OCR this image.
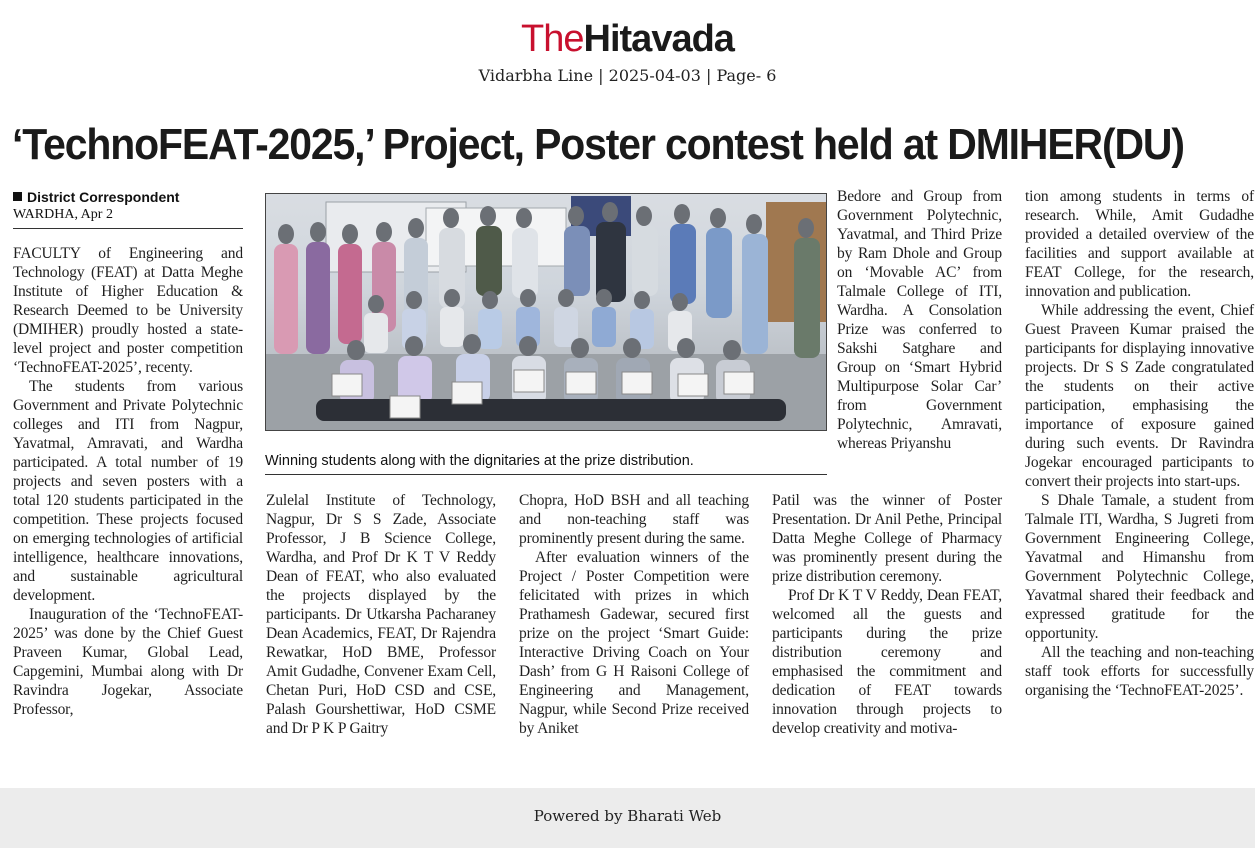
TheHitavada
Vidarbha Line | 2025-04-03 | Page- 6
‘TechnoFEAT-2025,’ Project, Poster contest held at DMIHER(DU)
District Correspondent
WARDHA, Apr 2

FACULTY of Engineering and Technology (FEAT) at Datta Meghe Institute of Higher Education & Research Deemed to be University (DMIHER) proudly hosted a state-level project and poster competition ‘TechnoFEAT-2025’, recenty.

The students from various Government and Private Polytechnic colleges and ITI from Nagpur, Yavatmal, Amravati, and Wardha participated. A total number of 19 projects and seven posters with a total 120 students participated in the competition. These projects focused on emerging technologies of artificial intelligence, healthcare innovations, and sustainable agricultural development.

Inauguration of the ‘TechnoFEAT-2025’ was done by the Chief Guest Praveen Kumar, Global Lead, Capgemini, Mumbai along with Dr Ravindra Jogekar, Associate Professor,

Winning students along with the dignitaries at the prize distribution.

Zulelal Institute of Technology, Nagpur, Dr S S Zade, Associate Professor, J B Science College, Wardha, and Prof Dr K T V Reddy Dean of FEAT, who also evaluated the projects displayed by the participants. Dr Utkarsha Pacharaney Dean Academics, FEAT, Dr Rajendra Rewatkar, HoD BME, Professor Amit Gudadhe, Convener Exam Cell, Chetan Puri, HoD CSD and CSE, Palash Gourshettiwar, HoD CSME and Dr P K P Gaitry

Chopra, HoD BSH and all teaching and non-teaching staff was prominently present during the same.

After evaluation winners of the Project / Poster Competition were felicitated with prizes in which Prathamesh Gadewar, secured first prize on the project ‘Smart Guide: Interactive Driving Coach on Your Dash’ from G H Raisoni College of Engineering and Management, Nagpur, while Second Prize received by Aniket

Bedore and Group from Government Polytechnic, Yavatmal, and Third Prize by Ram Dhole and Group on ‘Movable AC’ from Talmale College of ITI, Wardha. A Consolation Prize was conferred to Sakshi Satghare and Group on ‘Smart Hybrid Multipurpose Solar Car’ from Government Polytechnic, Amravati, whereas Priyanshu

Patil was the winner of Poster Presentation. Dr Anil Pethe, Principal Datta Meghe College of Pharmacy was prominently present during the prize distribution ceremony.

Prof Dr K T V Reddy, Dean FEAT, welcomed all the guests and participants during the prize distribution ceremony and emphasised the commitment and dedication of FEAT towards innovation through projects to develop creativity and motiva-

tion among students in terms of research. While, Amit Gudadhe provided a detailed overview of the facilities and support available at FEAT College, for the research, innovation and publication.

While addressing the event, Chief Guest Praveen Kumar praised the participants for displaying innovative projects. Dr S S Zade congratulated the students on their active participation, emphasising the importance of exposure gained during such events. Dr Ravindra Jogekar encouraged participants to convert their projects into start-ups.

S Dhale Tamale, a student from Talmale ITI, Wardha, S Jugreti from Government Engineering College, Yavatmal and Himanshu from Government Polytechnic College, Yavatmal shared their feedback and expressed gratitude for the opportunity.

All the teaching and non-teaching staff took efforts for successfully organising the ‘TechnoFEAT-2025’.

Powered by Bharati Web
